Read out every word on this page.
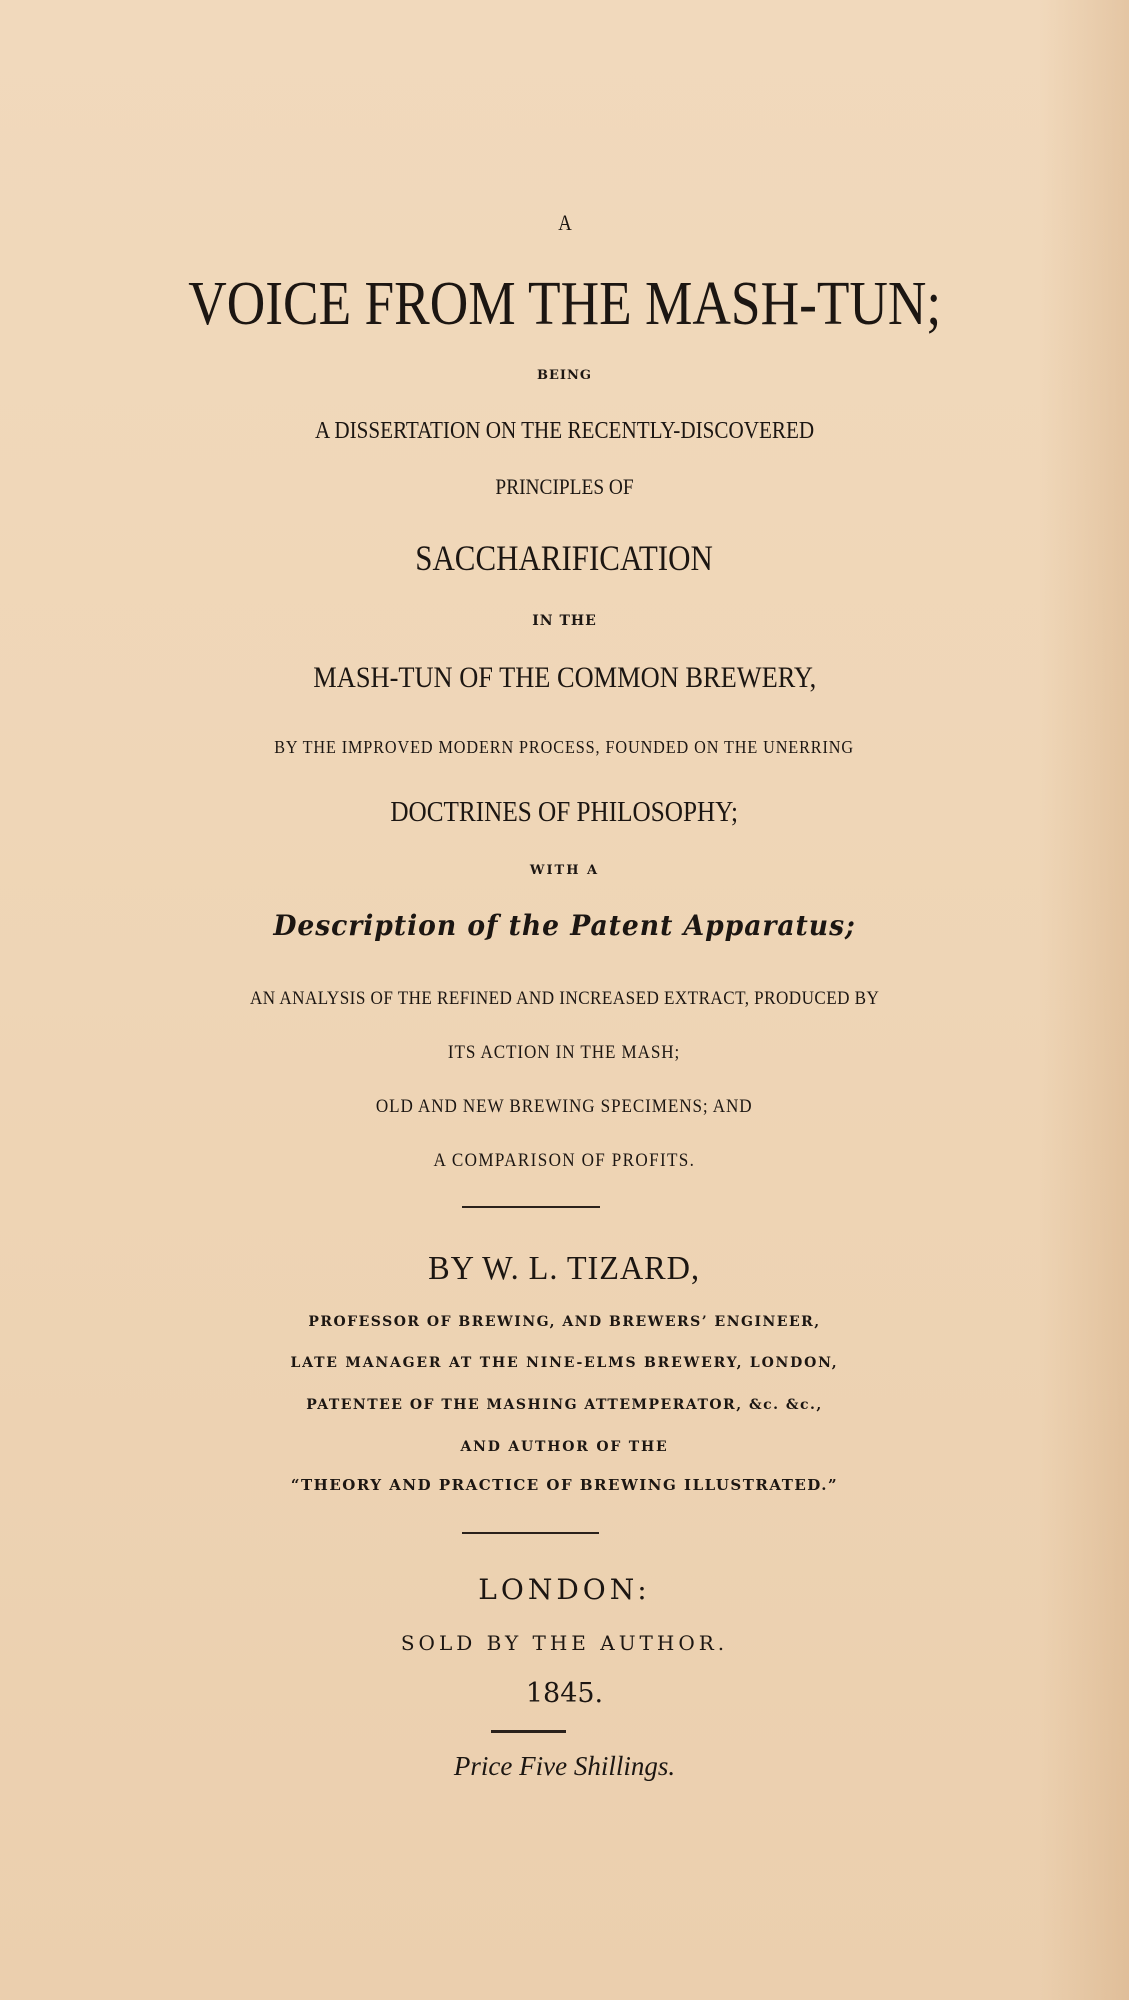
A
VOICE FROM THE MASH-TUN;
BEING
A DISSERTATION ON THE RECENTLY-DISCOVERED
PRINCIPLES OF
SACCHARIFICATION
IN THE
MASH-TUN OF THE COMMON BREWERY,
BY THE IMPROVED MODERN PROCESS, FOUNDED ON THE UNERRING
DOCTRINES OF PHILOSOPHY;
WITH A
Description of the Patent Apparatus;
AN ANALYSIS OF THE REFINED AND INCREASED EXTRACT, PRODUCED BY
ITS ACTION IN THE MASH;
OLD AND NEW BREWING SPECIMENS; AND
A COMPARISON OF PROFITS.
BY W. L. TIZARD,
PROFESSOR OF BREWING, AND BREWERS’ ENGINEER,
LATE MANAGER AT THE NINE-ELMS BREWERY, LONDON,
PATENTEE OF THE MASHING ATTEMPERATOR, &c. &c.,
AND AUTHOR OF THE
“THEORY AND PRACTICE OF BREWING ILLUSTRATED.”
LONDON:
SOLD BY THE AUTHOR.
1845.
Price Five Shillings.
